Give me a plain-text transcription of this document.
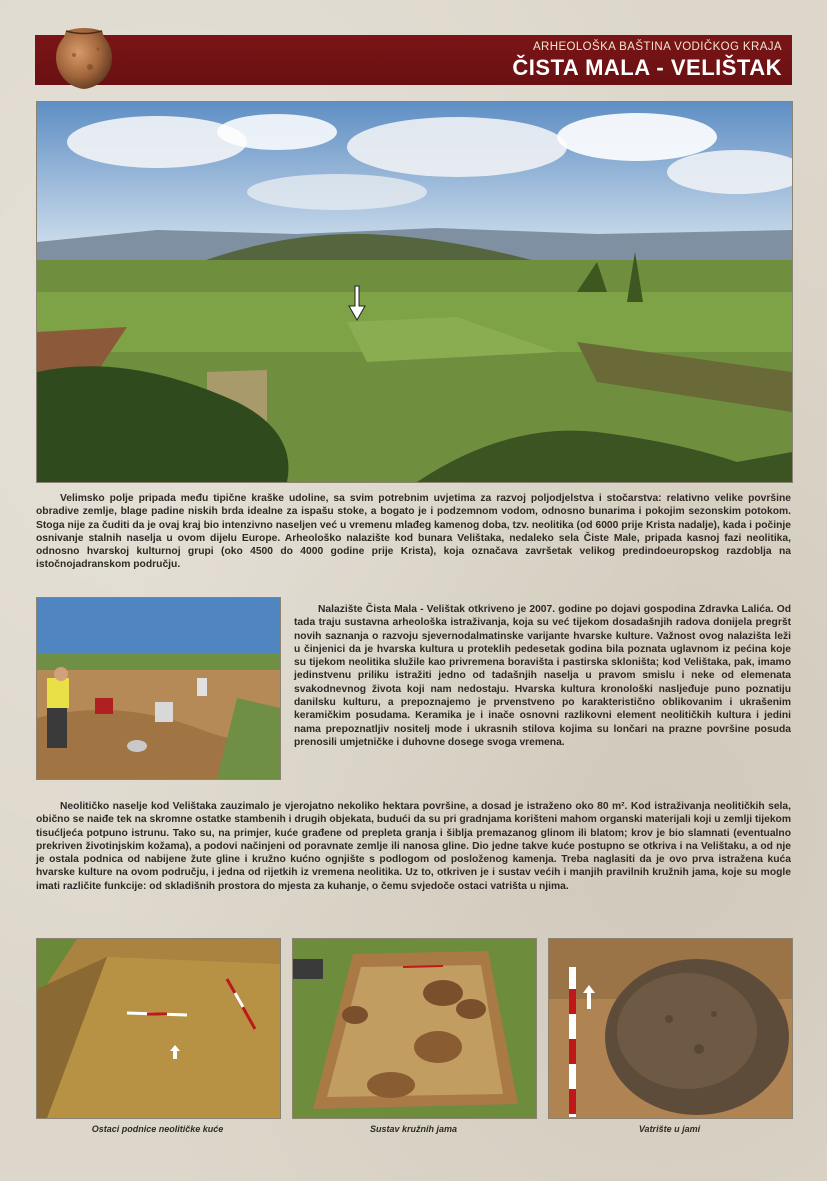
ARHEOLOŠKA BAŠTINA VODIČKOG KRAJA
ČISTA MALA - VELIŠTAK

Velimsko polje pripada među tipične kraške udoline, sa svim potrebnim uvjetima za razvoj poljodjelstva i stočarstva: relativno velike površine obradive zemlje, blage padine niskih brda idealne za ispašu stoke, a bogato je i podzemnom vodom, odnosno bunarima i pokojim sezonskim potokom. Stoga nije za čuditi da je ovaj kraj bio intenzivno naseljen već u vremenu mlađeg kamenog doba, tzv. neolitika (od 6000 prije Krista nadalje), kada i počinje osnivanje stalnih naselja u ovom dijelu Europe. Arheološko nalazište kod bunara Velištaka, nedaleko sela Čiste Male, pripada kasnoj fazi neolitika, odnosno hvarskoj kulturnoj grupi (oko 4500 do 4000 godine prije Krista), koja označava završetak velikog predindoeuropskog razdoblja na istočnojadranskom području.

Nalazište Čista Mala - Velištak otkriveno je 2007. godine po dojavi gospodina Zdravka Lalića. Od tada traju sustavna arheološka istraživanja, koja su već tijekom dosadašnjih radova donijela pregršt novih saznanja o razvoju sjevernodalmatinske varijante hvarske kulture. Važnost ovog nalazišta leži u činjenici da je hvarska kultura u proteklih pedesetak godina bila poznata uglavnom iz pećina koje su tijekom neolitika služile kao privremena boravišta i pastirska skloništa; kod Velištaka, pak, imamo jedinstvenu priliku istražiti jedno od tadašnjih naselja u pravom smislu i neke od elemenata svakodnevnog života koji nam nedostaju. Hvarska kultura kronološki nasljeđuje puno poznatiju danilsku kulturu, a prepoznajemo je prvenstveno po karakteristično oblikovanim i ukrašenim keramičkim posudama. Keramika je i inače osnovni razlikovni element neolitičkih kultura i jedini nama prepoznatljiv nositelj mode i ukrasnih stilova kojima su lončari na prazne površine posuda prenosili umjetničke i duhovne dosege svoga vremena.

Neolitičko naselje kod Velištaka zauzimalo je vjerojatno nekoliko hektara površine, a dosad je istraženo oko 80 m². Kod istraživanja neolitičkih sela, obično se naiđe tek na skromne ostatke stambenih i drugih objekata, budući da su pri gradnjama korišteni mahom organski materijali koji u zemlji tijekom tisućljeća potpuno istrunu. Tako su, na primjer, kuće građene od prepleta granja i šiblja premazanog glinom ili blatom; krov je bio slamnati (eventualno prekriven životinjskim kožama), a podovi načinjeni od poravnate zemlje ili nanosa gline. Dio jedne takve kuće postupno se otkriva i na Velištaku, a od nje je ostala podnica od nabijene žute gline i kružno kućno ognjište s podlogom od posloženog kamenja. Treba naglasiti da je ovo prva istražena kuća hvarske kulture na ovom području, i jedna od rijetkih iz vremena neolitika. Uz to, otkriven je i sustav većih i manjih pravilnih kružnih jama, koje su mogle imati različite funkcije: od skladišnih prostora do mjesta za kuhanje, o čemu svjedoče ostaci vatrišta u njima.

Ostaci podnice neolitičke kuće	Sustav kružnih jama	Vatrište u jami
